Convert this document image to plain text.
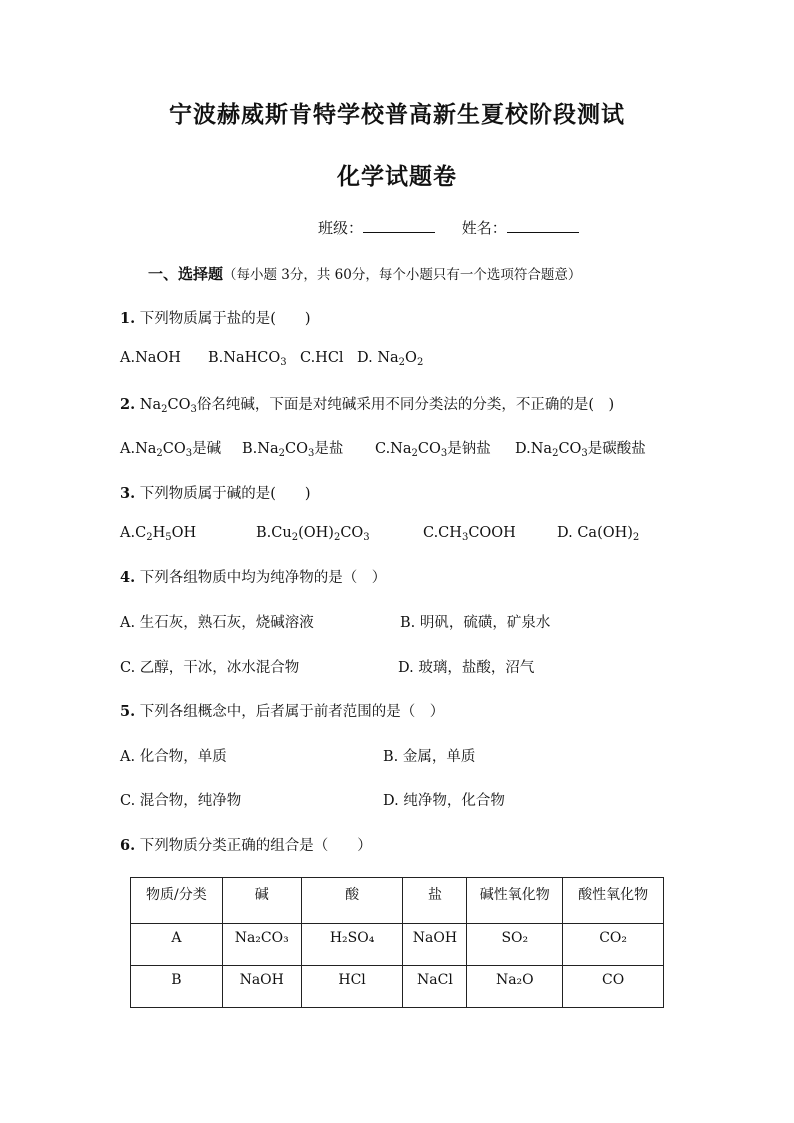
宁波赫威斯肯特学校普高新生夏校阶段测试
化学试题卷
班级：	姓名：
一、选择题（每小题 3分，共 60分，每个小题只有一个选项符合题意）
1. 下列物质属于盐的是(　　)
A.NaOH B.NaHCO$_3$ C.HCl D. $Na_2O_2$
2. $Na_2CO_3$俗名纯碱，下面是对纯碱采用不同分类法的分类，不正确的是(　)
$A.Na_2CO_3$是碱 $B.Na_2CO_3$是盐 $C.Na_2CO_3$是钠盐 $D.Na_2CO_3$是碳酸盐
3. 下列物质属于碱的是(　　)
$A.C_2H_5OH$	$B.Cu_2(OH)_2CO_3$	$C.CH_3COOH$	D. $Ca(OH)_2$
4. 下列各组物质中均为纯净物的是（　）
A. 生石灰，熟石灰，烧碱溶液	B. 明矾，硫磺，矿泉水
C. 乙醇，干冰，冰水混合物	D. 玻璃，盐酸，沼气
5. 下列各组概念中，后者属于前者范围的是（　）
A. 化合物，单质	B. 金属，单质
C. 混合物，纯净物	D. 纯净物，化合物
6. 下列物质分类正确的组合是（　　）
物质/分类	碱	酸	盐	碱性氧化物	酸性氧化物
A	Na₂CO₃	H₂SO₄	NaOH	SO₂	CO₂
B	NaOH	HCl	NaCl	Na₂O	CO
